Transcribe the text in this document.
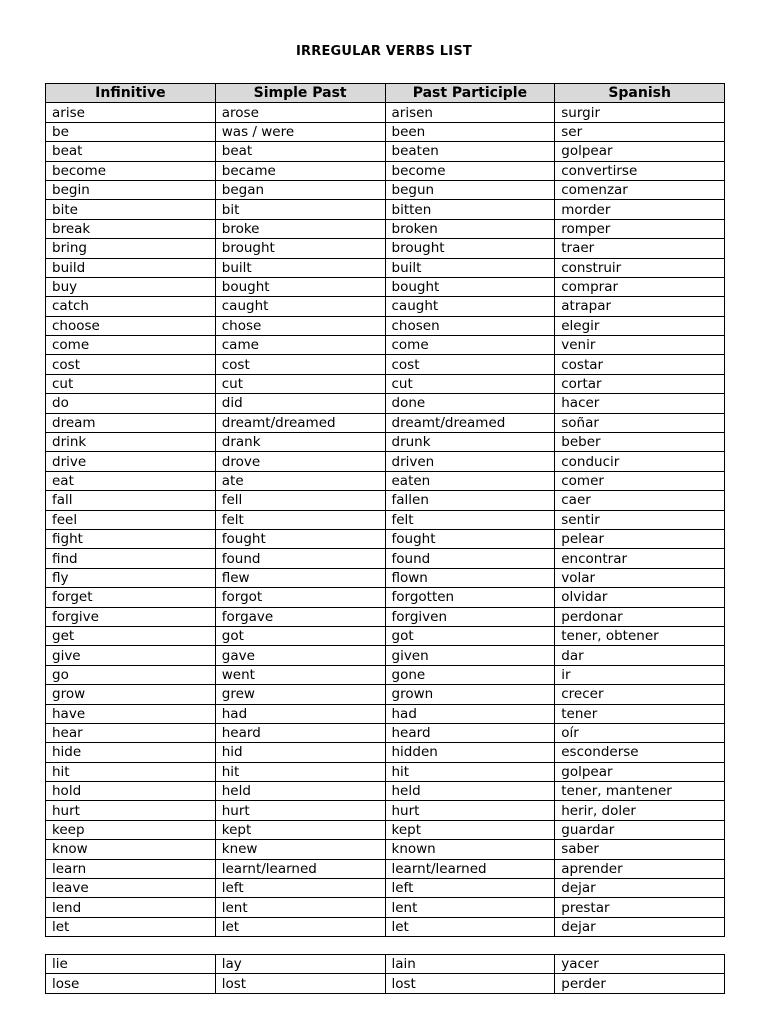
IRREGULAR VERBS LIST
Infinitive	Simple Past	Past Participle	Spanish
arise	arose	arisen	surgir
be	was / were	been	ser
beat	beat	beaten	golpear
become	became	become	convertirse
begin	began	begun	comenzar
bite	bit	bitten	morder
break	broke	broken	romper
bring	brought	brought	traer
build	built	built	construir
buy	bought	bought	comprar
catch	caught	caught	atrapar
choose	chose	chosen	elegir
come	came	come	venir
cost	cost	cost	costar
cut	cut	cut	cortar
do	did	done	hacer
dream	dreamt/dreamed	dreamt/dreamed	soñar
drink	drank	drunk	beber
drive	drove	driven	conducir
eat	ate	eaten	comer
fall	fell	fallen	caer
feel	felt	felt	sentir
fight	fought	fought	pelear
find	found	found	encontrar
fly	flew	flown	volar
forget	forgot	forgotten	olvidar
forgive	forgave	forgiven	perdonar
get	got	got	tener, obtener
give	gave	given	dar
go	went	gone	ir
grow	grew	grown	crecer
have	had	had	tener
hear	heard	heard	oír
hide	hid	hidden	esconderse
hit	hit	hit	golpear
hold	held	held	tener, mantener
hurt	hurt	hurt	herir, doler
keep	kept	kept	guardar
know	knew	known	saber
learn	learnt/learned	learnt/learned	aprender
leave	left	left	dejar
lend	lent	lent	prestar
let	let	let	dejar
lie	lay	lain	yacer
lose	lost	lost	perder
